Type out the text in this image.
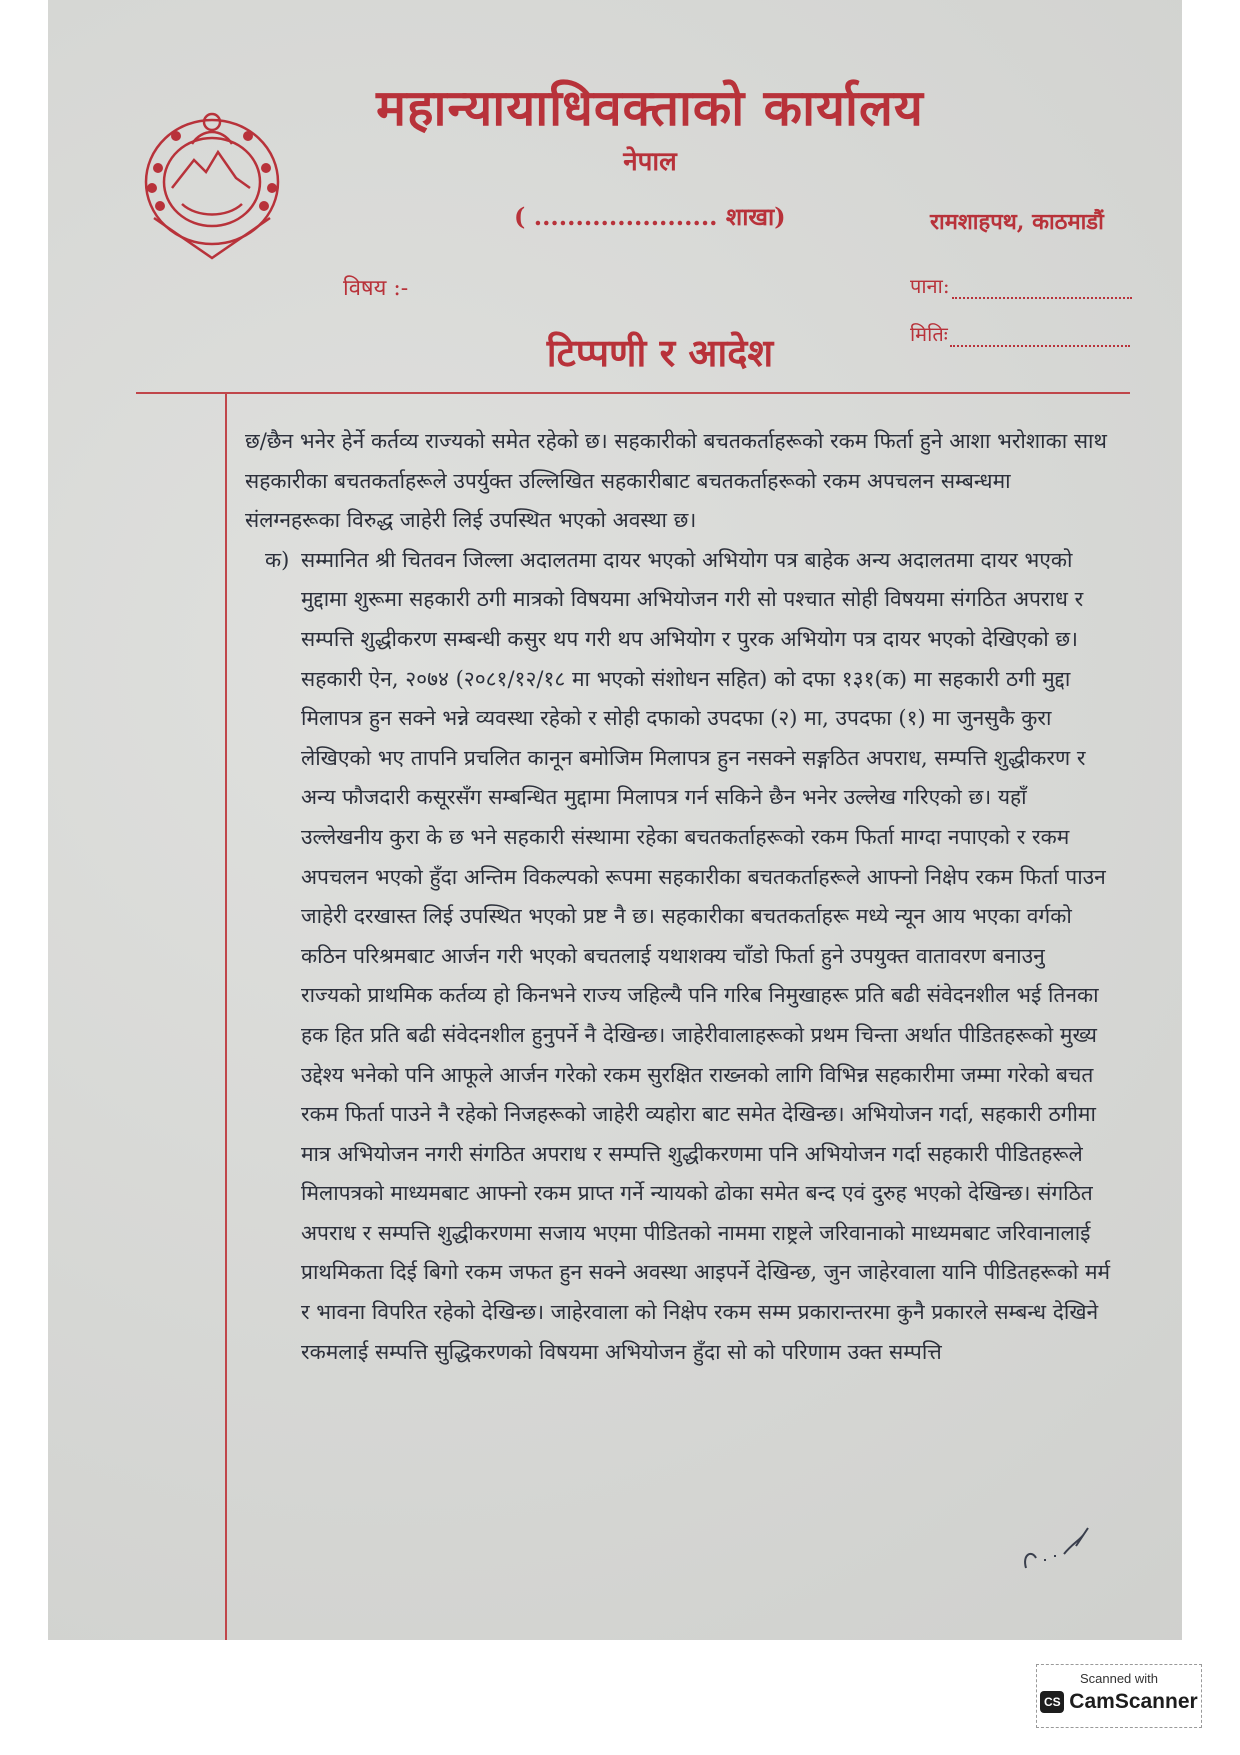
महान्यायाधिवक्ताको कार्यालय
नेपाल
( ...................... शाखा)	रामशाहपथ, काठमाडौं
विषय :-	पाना:
मितिः
टिप्पणी र आदेश

छ/छैन भनेर हेर्ने कर्तव्य राज्यको समेत रहेको छ। सहकारीको बचतकर्ताहरूको रकम फिर्ता हुने आशा भरोशाका साथ सहकारीका बचतकर्ताहरूले उपर्युक्त उल्लिखित सहकारीबाट बचतकर्ताहरूको रकम अपचलन सम्बन्धमा संलग्नहरूका विरुद्ध जाहेरी लिई उपस्थित भएको अवस्था छ।

क) सम्मानित श्री चितवन जिल्ला अदालतमा दायर भएको अभियोग पत्र बाहेक अन्य अदालतमा दायर भएको मुद्दामा शुरूमा सहकारी ठगी मात्रको विषयमा अभियोजन गरी सो पश्चात सोही विषयमा संगठित अपराध र सम्पत्ति शुद्धीकरण सम्बन्धी कसुर थप गरी थप अभियोग र पुरक अभियोग पत्र दायर भएको देखिएको छ। सहकारी ऐन, २०७४ (२०८१/१२/१८ मा भएको संशोधन सहित) को दफा १३१(क) मा सहकारी ठगी मुद्दा मिलापत्र हुन सक्ने भन्ने व्यवस्था रहेको र सोही दफाको उपदफा (२) मा, उपदफा (१) मा जुनसुकै कुरा लेखिएको भए तापनि प्रचलित कानून बमोजिम मिलापत्र हुन नसक्ने सङ्गठित अपराध, सम्पत्ति शुद्धीकरण र अन्य फौजदारी कसूरसँग सम्बन्धित मुद्दामा मिलापत्र गर्न सकिने छैन भनेर उल्लेख गरिएको छ। यहाँ उल्लेखनीय कुरा के छ भने सहकारी संस्थामा रहेका बचतकर्ताहरूको रकम फिर्ता माग्दा नपाएको र रकम अपचलन भएको हुँदा अन्तिम विकल्पको रूपमा सहकारीका बचतकर्ताहरूले आफ्नो निक्षेप रकम फिर्ता पाउन जाहेरी दरखास्त लिई उपस्थित भएको प्रष्ट नै छ। सहकारीका बचतकर्ताहरू मध्ये न्यून आय भएका वर्गको कठिन परिश्रमबाट आर्जन गरी भएको बचतलाई यथाशक्य चाँडो फिर्ता हुने उपयुक्त वातावरण बनाउनु राज्यको प्राथमिक कर्तव्य हो किनभने राज्य जहिल्यै पनि गरिब निमुखाहरू प्रति बढी संवेदनशील भई तिनका हक हित प्रति बढी संवेदनशील हुनुपर्ने नै देखिन्छ। जाहेरीवालाहरूको प्रथम चिन्ता अर्थात पीडितहरूको मुख्य उद्देश्य भनेको पनि आफूले आर्जन गरेको रकम सुरक्षित राख्नको लागि विभिन्न सहकारीमा जम्मा गरेको बचत रकम फिर्ता पाउने नै रहेको निजहरूको जाहेरी व्यहोरा बाट समेत देखिन्छ। अभियोजन गर्दा, सहकारी ठगीमा मात्र अभियोजन नगरी संगठित अपराध र सम्पत्ति शुद्धीकरणमा पनि अभियोजन गर्दा सहकारी पीडितहरूले मिलापत्रको माध्यमबाट आफ्नो रकम प्राप्त गर्ने न्यायको ढोका समेत बन्द एवं दुरुह भएको देखिन्छ। संगठित अपराध र सम्पत्ति शुद्धीकरणमा सजाय भएमा पीडितको नाममा राष्ट्रले जरिवानाको माध्यमबाट जरिवानालाई प्राथमिकता दिई बिगो रकम जफत हुन सक्ने अवस्था आइपर्ने देखिन्छ, जुन जाहेरवाला यानि पीडितहरूको मर्म र भावना विपरित रहेको देखिन्छ। जाहेरवाला को निक्षेप रकम सम्म प्रकारान्तरमा कुनै प्रकारले सम्बन्ध देखिने रकमलाई सम्पत्ति सुद्धिकरणको विषयमा अभियोजन हुँदा सो को परिणाम उक्त सम्पत्ति

Scanned with
CS CamScanner
